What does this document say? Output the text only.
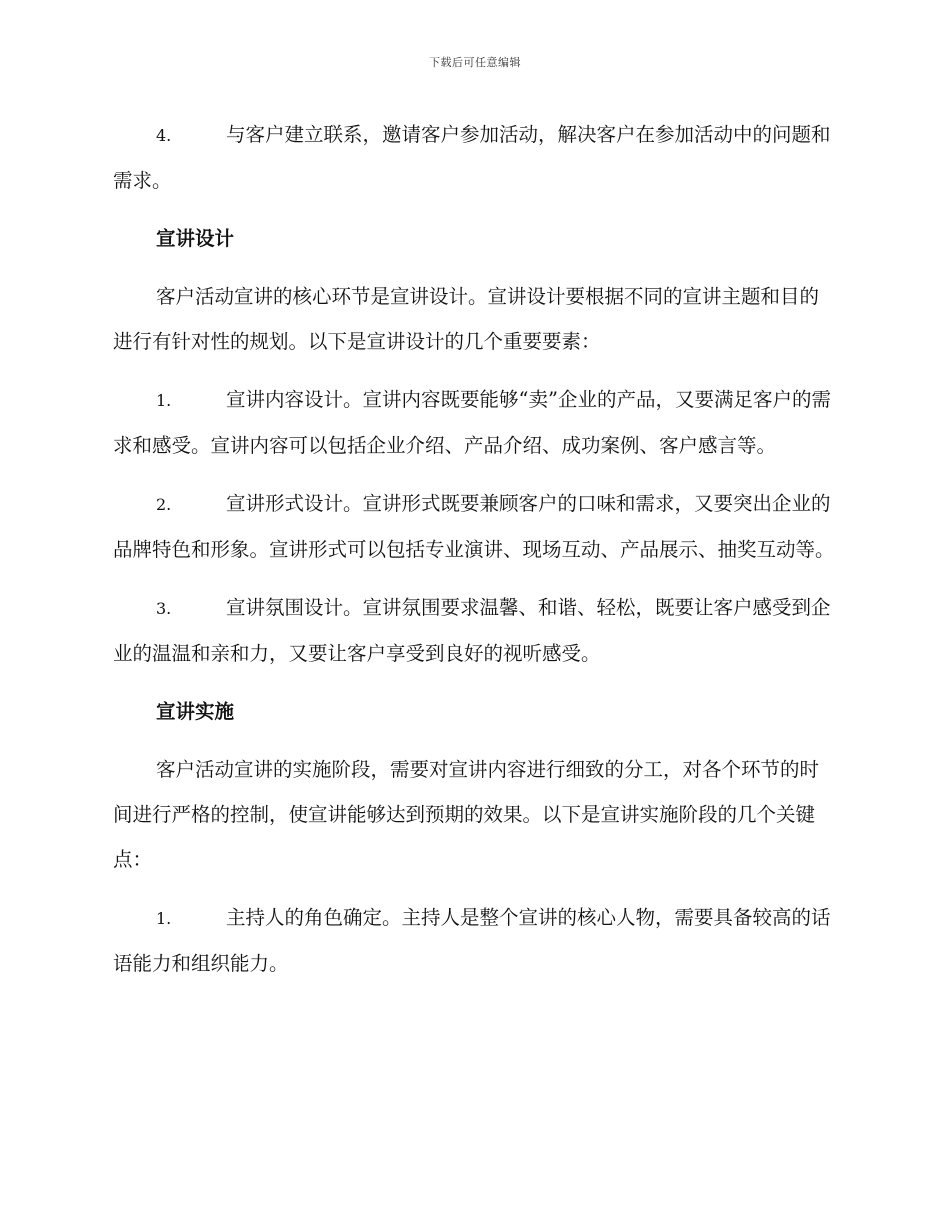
下载后可任意编辑

4.	与客户建立联系，邀请客户参加活动，解决客户在参加活动中的问题和需求。

宣讲设计

客户活动宣讲的核心环节是宣讲设计。宣讲设计要根据不同的宣讲主题和目的进行有针对性的规划。以下是宣讲设计的几个重要要素：

1.	宣讲内容设计。宣讲内容既要能够“卖”企业的产品，又要满足客户的需求和感受。宣讲内容可以包括企业介绍、产品介绍、成功案例、客户感言等。

2.	宣讲形式设计。宣讲形式既要兼顾客户的口味和需求，又要突出企业的品牌特色和形象。宣讲形式可以包括专业演讲、现场互动、产品展示、抽奖互动等。

3.	宣讲氛围设计。宣讲氛围要求温馨、和谐、轻松，既要让客户感受到企业的温温和亲和力，又要让客户享受到良好的视听感受。

宣讲实施

客户活动宣讲的实施阶段，需要对宣讲内容进行细致的分工，对各个环节的时间进行严格的控制，使宣讲能够达到预期的效果。以下是宣讲实施阶段的几个关键点：

1.	主持人的角色确定。主持人是整个宣讲的核心人物，需要具备较高的话语能力和组织能力。
